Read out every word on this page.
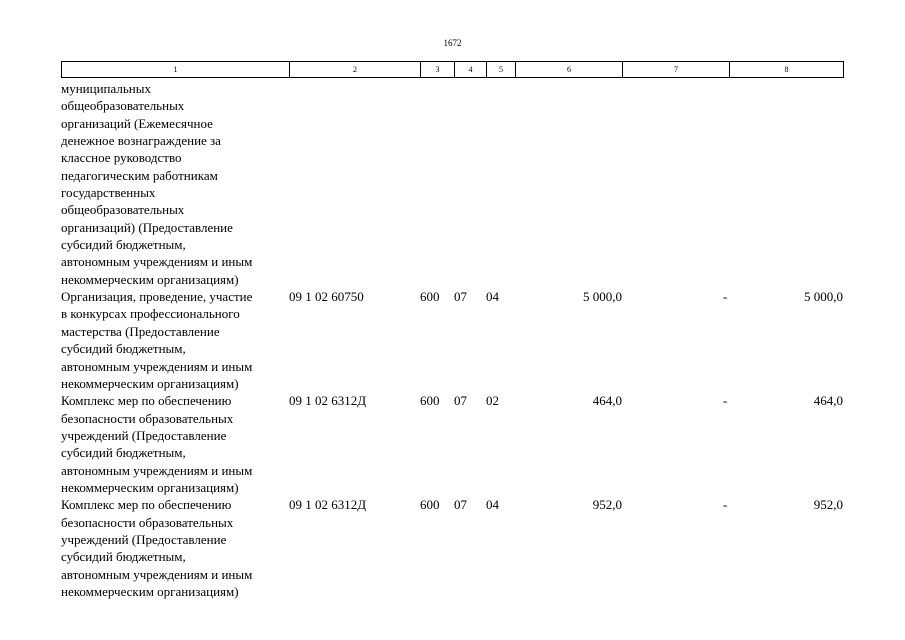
1672
1	2	3	4	5	6	7	8
муниципальных
общеобразовательных
организаций (Ежемесячное
денежное вознаграждение за
классное руководство
педагогическим работникам
государственных
общеобразовательных
организаций) (Предоставление
субсидий бюджетным,
автономным учреждениям и иным
некоммерческим организациям)
Организация, проведение, участие
в конкурсах профессионального
мастерства (Предоставление
субсидий бюджетным,
автономным учреждениям и иным
некоммерческим организациям)
09 1 02 60750	600 07 04	5 000,0	-	5 000,0
Комплекс мер по обеспечению
безопасности образовательных
учреждений (Предоставление
субсидий бюджетным,
автономным учреждениям и иным
некоммерческим организациям)
09 1 02 6312Д	600 07 02	464,0	-	464,0
Комплекс мер по обеспечению
безопасности образовательных
учреждений (Предоставление
субсидий бюджетным,
автономным учреждениям и иным
некоммерческим организациям)
09 1 02 6312Д	600 07 04	952,0	-	952,0
